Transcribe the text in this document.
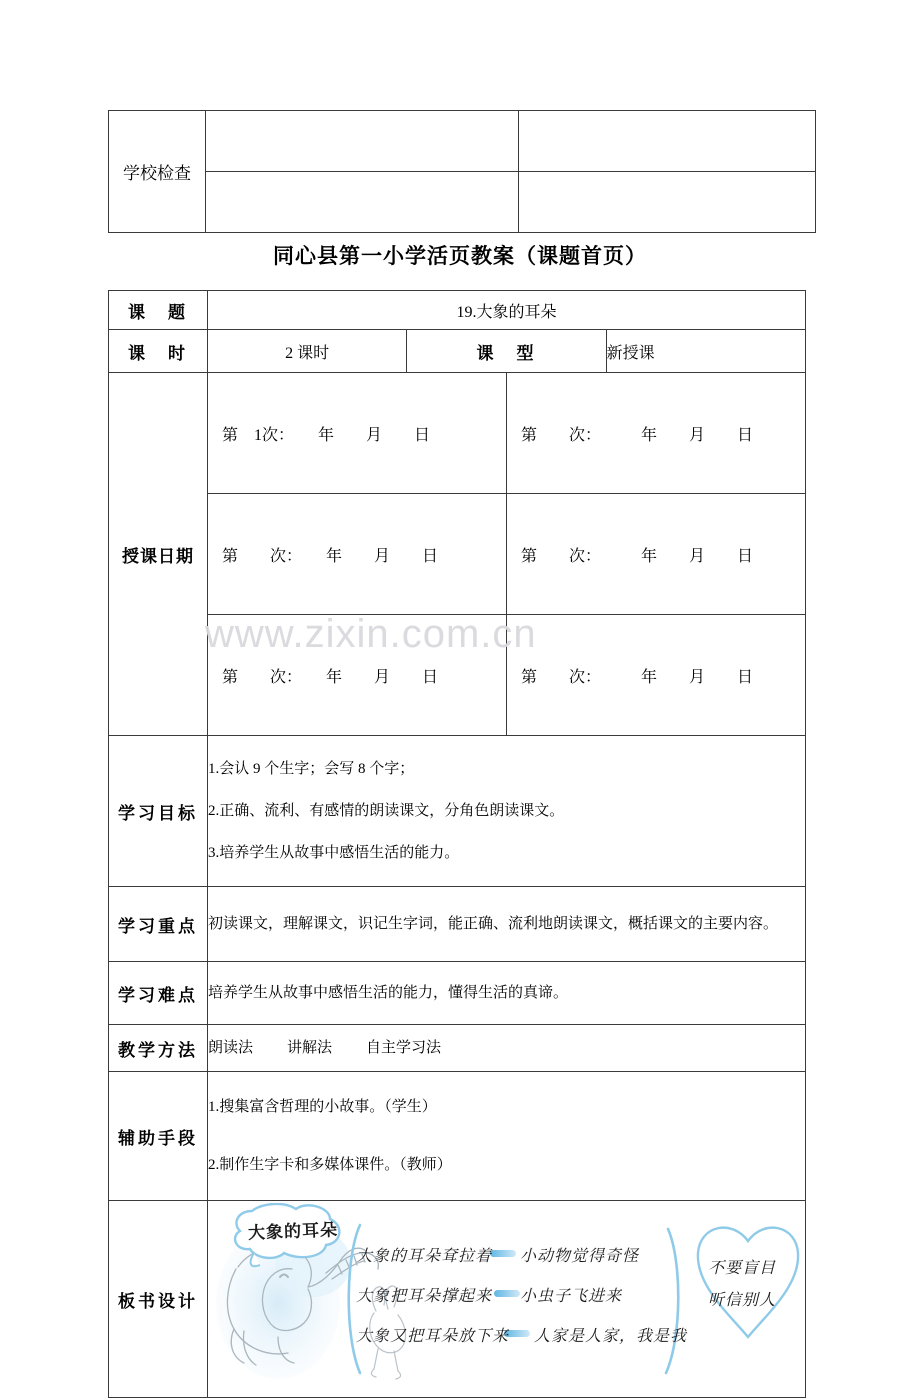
www.zixin.com.cn
学校检查		

同心县第一小学活页教案（课题首页）
课　题	19.大象的耳朵
课　时	2 课时	课　型	新授课
授课日期	
第　1次：　　年　　月　　日	第　　次：　　　年　　月　　日
第　　次：　　年　　月　　日	第　　次：　　　年　　月　　日
第　　次：　　年　　月　　日	第　　次：　　　年　　月　　日

学习目标	

1.会认 9 个生字；会写 8 个字；

2.正确、流利、有感情的朗读课文，分角色朗读课文。

3.培养学生从故事中感悟生活的能力。

学习重点	初读课文，理解课文，识记生字词，能正确、流利地朗读课文，概括课文的主要内容。
学习难点	培养学生从故事中感悟生活的能力，懂得生活的真谛。
教学方法	朗读法 讲解法 自主学习法
辅助手段	

1.搜集富含哲理的小故事。（学生）

2.制作生字卡和多媒体课件。（教师）

板书设计	
大象的耳朵
大象的耳朵耷拉着 小动物觉得奇怪
大象把耳朵撑起来 小虫子飞进来
大象又把耳朵放下来 人家是人家，我是我
不要盲目
听信别人
